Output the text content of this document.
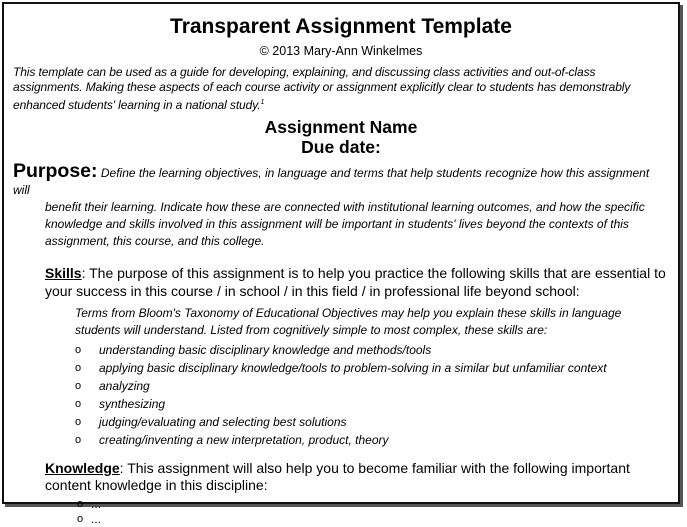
Transparent Assignment Template
© 2013 Mary-Ann Winkelmes
This template can be used as a guide for developing, explaining, and discussing class activities and out-of-class assignments. Making these aspects of each course activity or assignment explicitly clear to students has demonstrably enhanced students' learning in a national study.$^1$
Assignment Name
Due date:
Purpose: Define the learning objectives, in language and terms that help students recognize how this assignment will
benefit their learning. Indicate how these are connected with institutional learning outcomes, and how the specific knowledge and skills involved in this assignment will be important in students' lives beyond the contexts of this assignment, this course, and this college.
Skills: The purpose of this assignment is to help you practice the following skills that are essential to your success in this course / in school / in this field / in professional life beyond school:
Terms from Bloom's Taxonomy of Educational Objectives may help you explain these skills in language students will understand. Listed from cognitively simple to most complex, these skills are:
o understanding basic disciplinary knowledge and methods/tools
o applying basic disciplinary knowledge/tools to problem-solving in a similar but unfamiliar context
o analyzing
o synthesizing
o judging/evaluating and selecting best solutions
o creating/inventing a new interpretation, product, theory
Knowledge: This assignment will also help you to become familiar with the following important content knowledge in this discipline:
o ...
o ...
